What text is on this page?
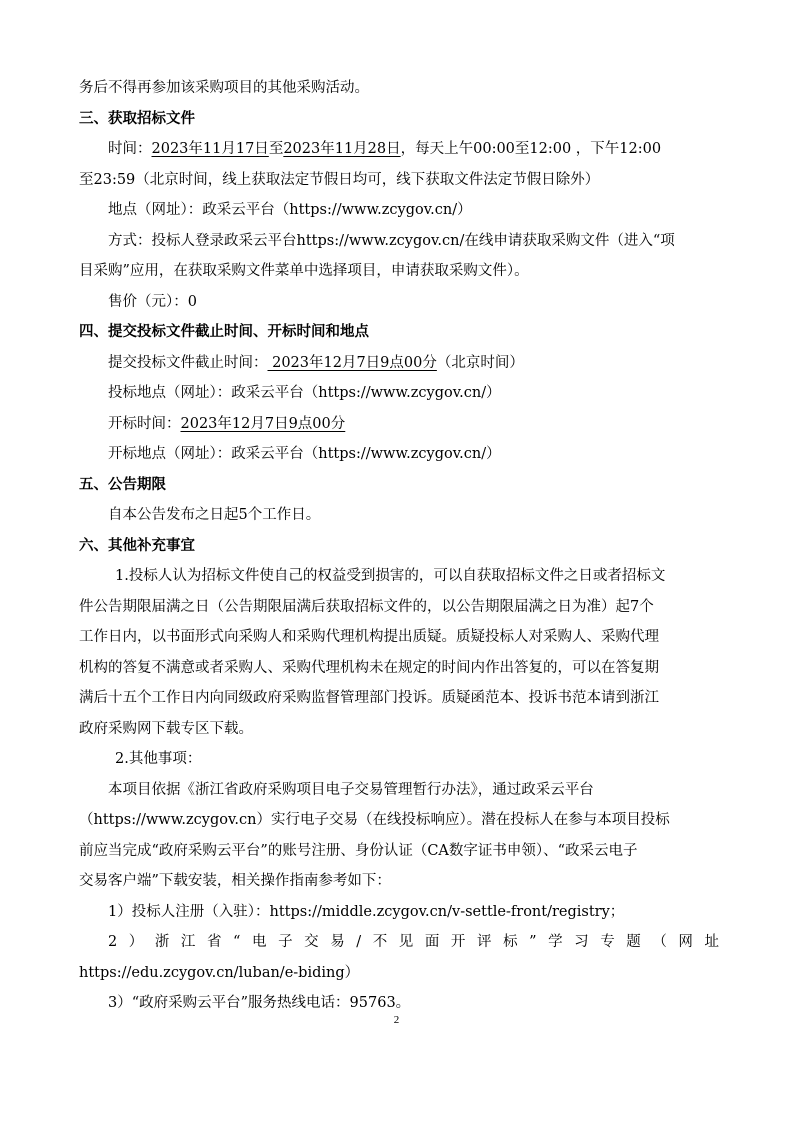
务后不得再参加该采购项目的其他采购活动。
三、获取招标文件
时间：2023年11月17日至2023年11月28日，每天上午00:00至12:00 ，下午12:00
至23:59（北京时间，线上获取法定节假日均可，线下获取文件法定节假日除外）
地点（网址）：政采云平台（https://www.zcygov.cn/）
方式：投标人登录政采云平台https://www.zcygov.cn/在线申请获取采购文件（进入“项
目采购”应用，在获取采购文件菜单中选择项目，申请获取采购文件）。
售价（元）：0
四、提交投标文件截止时间、开标时间和地点
提交投标文件截止时间： 2023年12月7日9点00分（北京时间）
投标地点（网址）：政采云平台（https://www.zcygov.cn/）
开标时间：2023年12月7日9点00分
开标地点（网址）：政采云平台（https://www.zcygov.cn/）
五、公告期限
自本公告发布之日起5个工作日。
六、其他补充事宜
1.投标人认为招标文件使自己的权益受到损害的，可以自获取招标文件之日或者招标文
件公告期限届满之日（公告期限届满后获取招标文件的，以公告期限届满之日为准）起7个
工作日内，以书面形式向采购人和采购代理机构提出质疑。质疑投标人对采购人、采购代理
机构的答复不满意或者采购人、采购代理机构未在规定的时间内作出答复的，可以在答复期
满后十五个工作日内向同级政府采购监督管理部门投诉。质疑函范本、投诉书范本请到浙江
政府采购网下载专区下载。
2.其他事项：
本项目依据《浙江省政府采购项目电子交易管理暂行办法》，通过政采云平台
（https://www.zcygov.cn）实行电子交易（在线投标响应）。潜在投标人在参与本项目投标
前应当完成“政府采购云平台”的账号注册、身份认证（CA数字证书申领）、“政采云电子
交易客户端”下载安装，相关操作指南参考如下：
1）投标人注册（入驻）：https://middle.zcygov.cn/v-settle-front/registry；
2）浙江省“电子交易/不见面开评标”学习专题（网址
https://edu.zcygov.cn/luban/e-biding）
3）“政府采购云平台”服务热线电话：95763。
2
